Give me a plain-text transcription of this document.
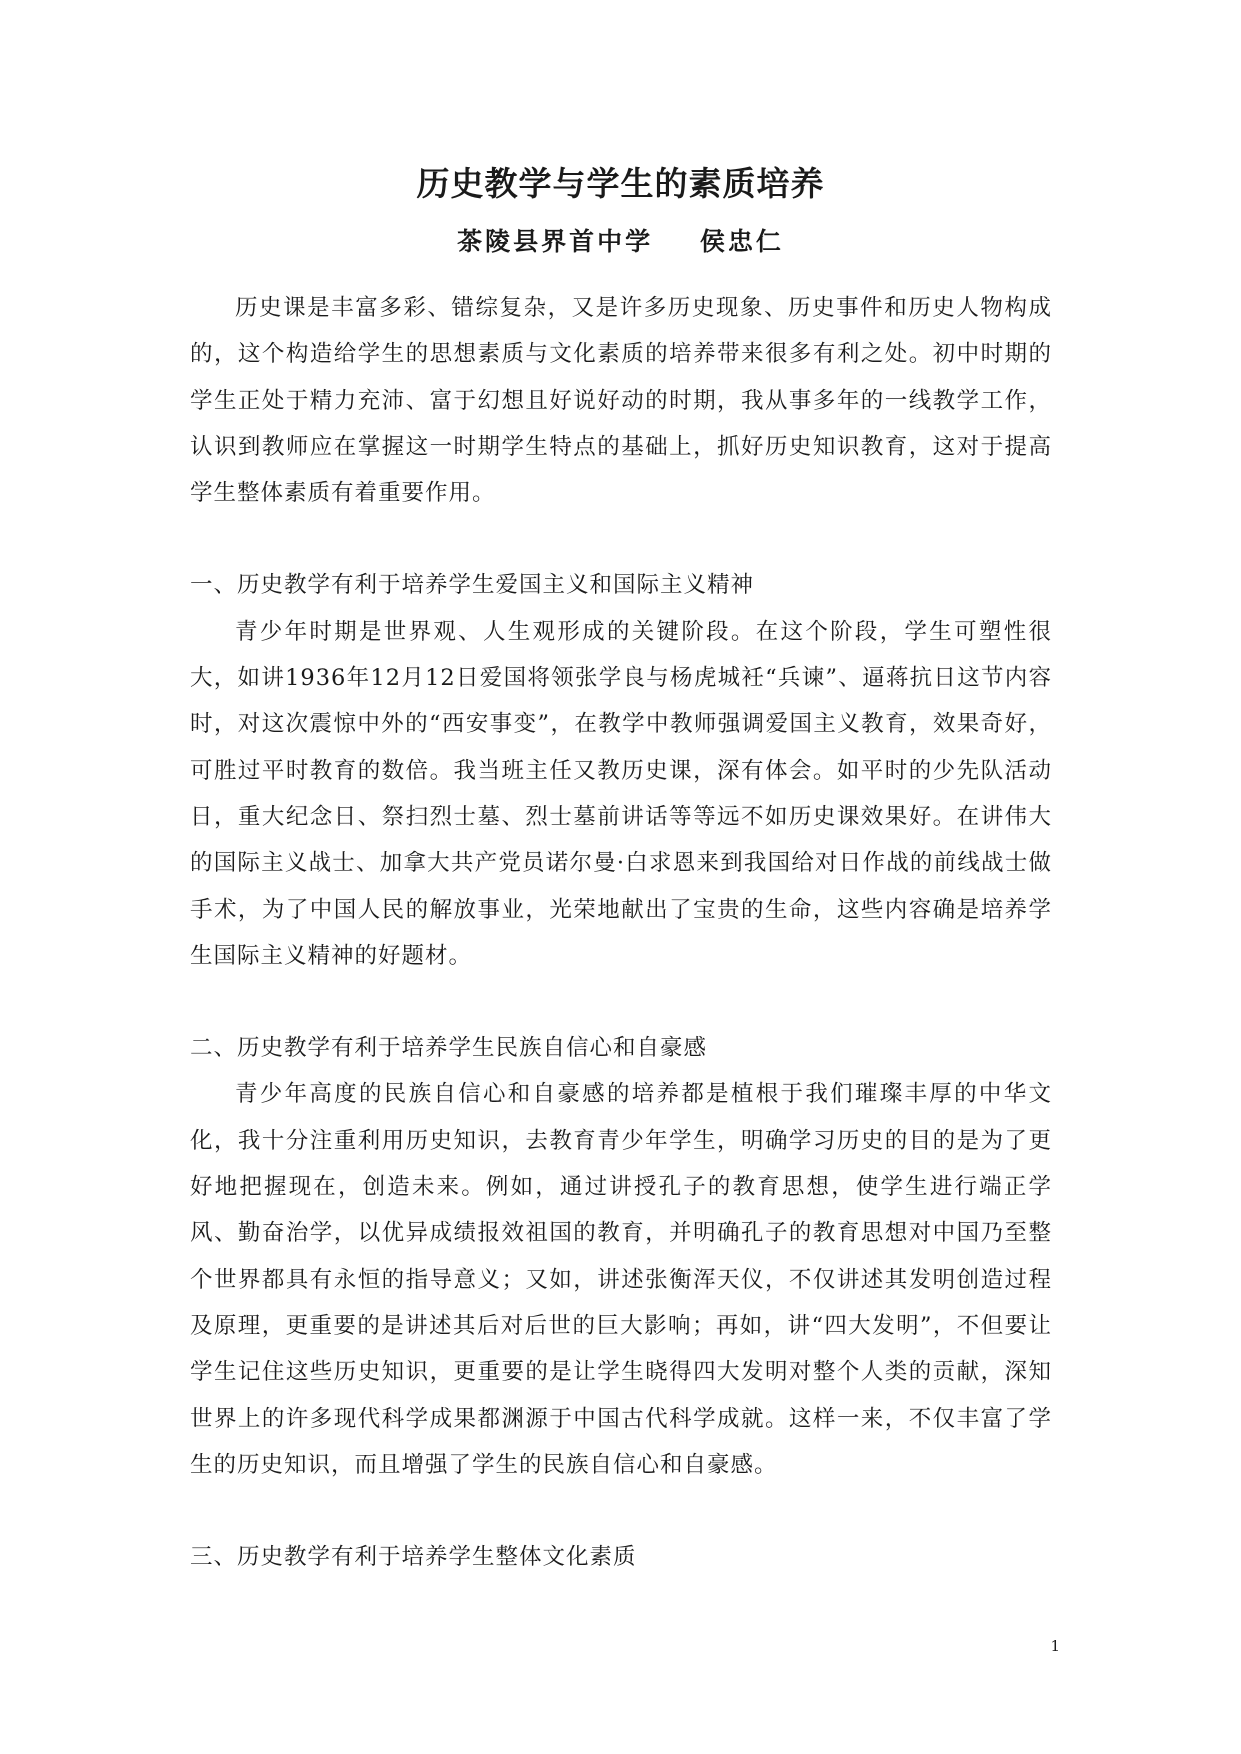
历史教学与学生的素质培养
茶陵县界首中学    侯忠仁

历史课是丰富多彩、错综复杂，又是许多历史现象、历史事件和历史人物构成的，这个构造给学生的思想素质与文化素质的培养带来很多有利之处。初中时期的学生正处于精力充沛、富于幻想且好说好动的时期，我从事多年的一线教学工作，认识到教师应在掌握这一时期学生特点的基础上，抓好历史知识教育，这对于提高学生整体素质有着重要作用。

一、历史教学有利于培养学生爱国主义和国际主义精神

青少年时期是世界观、人生观形成的关键阶段。在这个阶段，学生可塑性很大，如讲1936年12月12日爱国将领张学良与杨虎城衽“兵谏”、逼蒋抗日这节内容时，对这次震惊中外的“西安事变”，在教学中教师强调爱国主义教育，效果奇好，可胜过平时教育的数倍。我当班主任又教历史课，深有体会。如平时的少先队活动日，重大纪念日、祭扫烈士墓、烈士墓前讲话等等远不如历史课效果好。在讲伟大的国际主义战士、加拿大共产党员诺尔曼·白求恩来到我国给对日作战的前线战士做手术，为了中国人民的解放事业，光荣地献出了宝贵的生命，这些内容确是培养学生国际主义精神的好题材。

二、历史教学有利于培养学生民族自信心和自豪感

青少年高度的民族自信心和自豪感的培养都是植根于我们璀璨丰厚的中华文化，我十分注重利用历史知识，去教育青少年学生，明确学习历史的目的是为了更好地把握现在，创造未来。例如，通过讲授孔子的教育思想，使学生进行端正学风、勤奋治学，以优异成绩报效祖国的教育，并明确孔子的教育思想对中国乃至整个世界都具有永恒的指导意义；又如，讲述张衡浑天仪，不仅讲述其发明创造过程及原理，更重要的是讲述其后对后世的巨大影响；再如，讲“四大发明”，不但要让学生记住这些历史知识，更重要的是让学生晓得四大发明对整个人类的贡献，深知世界上的许多现代科学成果都渊源于中国古代科学成就。这样一来，不仅丰富了学生的历史知识，而且增强了学生的民族自信心和自豪感。

三、历史教学有利于培养学生整体文化素质

1
